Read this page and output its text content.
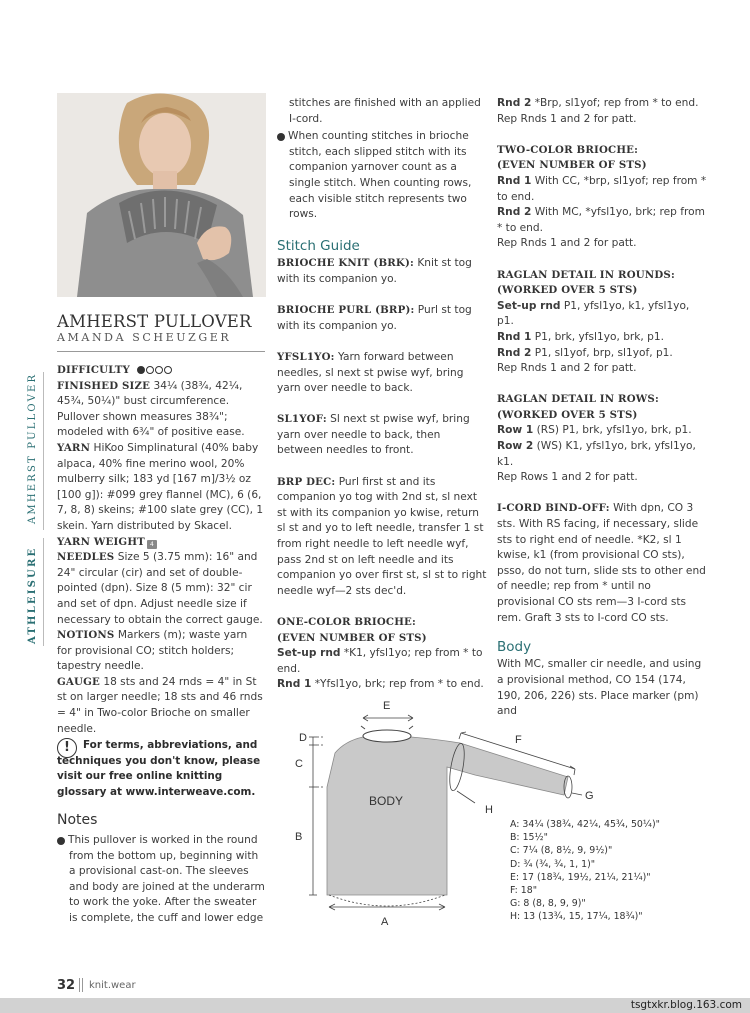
AMHERST PULLOVER
ATHLEISURE
AMHERST PULLOVER
AMANDA SCHEUZGER

DIFFICULTY

FINISHED SIZE 34¼ (38¾, 42¼, 45¾, 50¼)" bust circumference. Pullover shown measures 38¾"; modeled with 6¾" of positive ease.

YARN HiKoo Simplinatural (40% baby alpaca, 40% fine merino wool, 20% mulberry silk; 183 yd [167 m]/3½ oz [100 g]): #099 grey flannel (MC), 6 (6, 7, 8, 8) skeins; #100 slate grey (CC), 1 skein. Yarn distributed by Skacel.

YARN WEIGHT 4

NEEDLES Size 5 (3.75 mm): 16" and 24" circular (cir) and set of double-pointed (dpn). Size 8 (5 mm): 32" cir and set of dpn. Adjust needle size if necessary to obtain the correct gauge.

NOTIONS Markers (m); waste yarn for provisional CO; stitch holders; tapestry needle.

GAUGE 18 sts and 24 rnds = 4" in St st on larger needle; 18 sts and 46 rnds = 4" in Two-color Brioche on smaller needle.

!	For terms, abbreviations, and techniques you don't know, please visit our free online knitting glossary at www.interweave.com.
Notes
› This pullover is worked in the round from the bottom up, beginning with a provisional cast-on. The sleeves and body are joined at the underarm to work the yoke. After the sweater is complete, the cuff and lower edge
stitches are finished with an applied I-cord.
› When counting stitches in brioche stitch, each slipped stitch with its companion yarnover count as a single stitch. When counting rows, each visible stitch represents two rows.
Stitch Guide

BRIOCHE KNIT (BRK): Knit st tog with its companion yo.

BRIOCHE PURL (BRP): Purl st tog with its companion yo.

YFSL1YO: Yarn forward between needles, sl next st pwise wyf, bring yarn over needle to back.

SL1YOF: Sl next st pwise wyf, bring yarn over needle to back, then between needles to front.

BRP DEC: Purl first st and its companion yo tog with 2nd st, sl next st with its companion yo kwise, return sl st and yo to left needle, transfer 1 st from right needle to left needle wyf, pass 2nd st on left needle and its companion yo over first st, sl st to right needle wyf—2 sts dec'd.

ONE-COLOR BRIOCHE:

(EVEN NUMBER OF STS)

Set-up rnd *K1, yfsl1yo; rep from * to end.

Rnd 1 *Yfsl1yo, brk; rep from * to end.

Rnd 2 *Brp, sl1yof; rep from * to end.

Rep Rnds 1 and 2 for patt.

TWO-COLOR BRIOCHE:

(EVEN NUMBER OF STS)

Rnd 1 With CC, *brp, sl1yof; rep from * to end.

Rnd 2 With MC, *yfsl1yo, brk; rep from * to end.

Rep Rnds 1 and 2 for patt.

RAGLAN DETAIL IN ROUNDS:

(WORKED OVER 5 STS)

Set-up rnd P1, yfsl1yo, k1, yfsl1yo, p1.

Rnd 1 P1, brk, yfsl1yo, brk, p1.

Rnd 2 P1, sl1yof, brp, sl1yof, p1.

Rep Rnds 1 and 2 for patt.

RAGLAN DETAIL IN ROWS:

(WORKED OVER 5 STS)

Row 1 (RS) P1, brk, yfsl1yo, brk, p1.

Row 2 (WS) K1, yfsl1yo, brk, yfsl1yo, k1.

Rep Rows 1 and 2 for patt.

I-CORD BIND-OFF: With dpn, CO 3 sts. With RS facing, if necessary, slide sts to right end of needle. *K2, sl 1 kwise, k1 (from provisional CO sts), psso, do not turn, slide sts to other end of needle; rep from * until no provisional CO sts rem—3 I-cord sts rem. Graft 3 sts to I-cord CO sts.

Body

With MC, smaller cir needle, and using a provisional method, CO 154 (174, 190, 206, 226) sts. Place marker (pm) and

D
C
B
E
F
G
H
A
BODY
A: 34¼ (38¾, 42¼, 45¾, 50¼)"
B: 15½"
C: 7¼ (8, 8½, 9, 9½)"
D: ¾ (¾, ¾, 1, 1)"
E: 17 (18¾, 19½, 21¼, 21¼)"
F: 18"
G: 8 (8, 8, 9, 9)"
H: 13 (13¾, 15, 17¼, 18¾)"
32 knit.wear
tsgtxkr.blog.163.com
